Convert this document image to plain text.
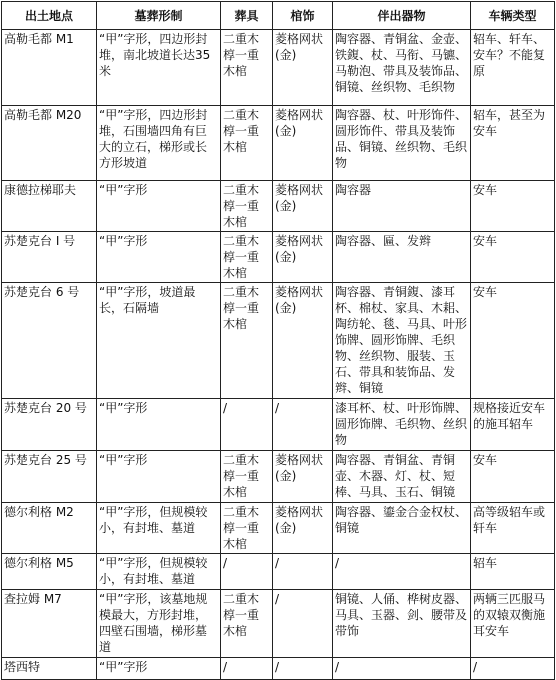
出土地点	墓葬形制	葬具	棺饰	伴出器物	车辆类型
高勒毛都 M1	“甲”字形，四边形封堆，南北坡道长达35米	二重木椁一重木棺	菱格网状(金)	陶容器、青铜盆、金壶、铁鍑、杖、马衔、马镳、马勒泡、带具及装饰品、铜镜、丝织物、毛织物	轺车、轩车、安车？不能复原
高勒毛都 M20	“甲”字形，四边形封堆，石围墙四角有巨大的立石，梯形或长方形坡道	二重木椁一重木棺	菱格网状(金)	陶容器、杖、叶形饰件、圆形饰件、带具及装饰品、铜镜、丝织物、毛织物	轺车，甚至为安车
康德拉梯耶夫	“甲”字形	二重木椁一重木棺	菱格网状(金)	陶容器	安车
苏楚克台 I 号	“甲”字形	二重木椁一重木棺	菱格网状(金)	陶容器、匾、发辫	安车
苏楚克台 6 号	“甲”字形，坡道最长，石隔墙	二重木椁一重木棺	菱格网状(金)	陶容器、青铜鍑、漆耳杯、棉杖、家具、木耜、陶纺轮、毯、马具、叶形饰牌、圆形饰牌、毛织物、丝织物、服装、玉石、带具和装饰品、发辫、铜镜	安车
苏楚克台 20 号	“甲”字形	/	/	漆耳杯、杖、叶形饰牌、圆形饰牌、毛织物、丝织物	规格接近安车的施耳轺车
苏楚克台 25 号	“甲”字形	二重木椁一重木棺	菱格网状(金)	陶容器、青铜盆、青铜壶、木器、灯、杖、短棒、马具、玉石、铜镜	安车
德尔利格 M2	“甲”字形，但规模较小，有封堆、墓道	二重木椁一重木棺	菱格网状(金)	陶容器、鎏金合金权杖、铜镜	高等级轺车或轩车
德尔利格 M5	“甲”字形，但规模较小，有封堆、墓道	/	/	/	轺车
查拉姆 M7	“甲”字形，该墓地规模最大，方形封堆，四壁石围墙，梯形墓道	二重木椁一重木棺	/	铜镜、人俑、桦树皮器、马具、玉器、剑、腰带及带饰	两辆三匹服马的双辕双衡施耳安车
塔西特	“甲”字形	/	/	/	/
